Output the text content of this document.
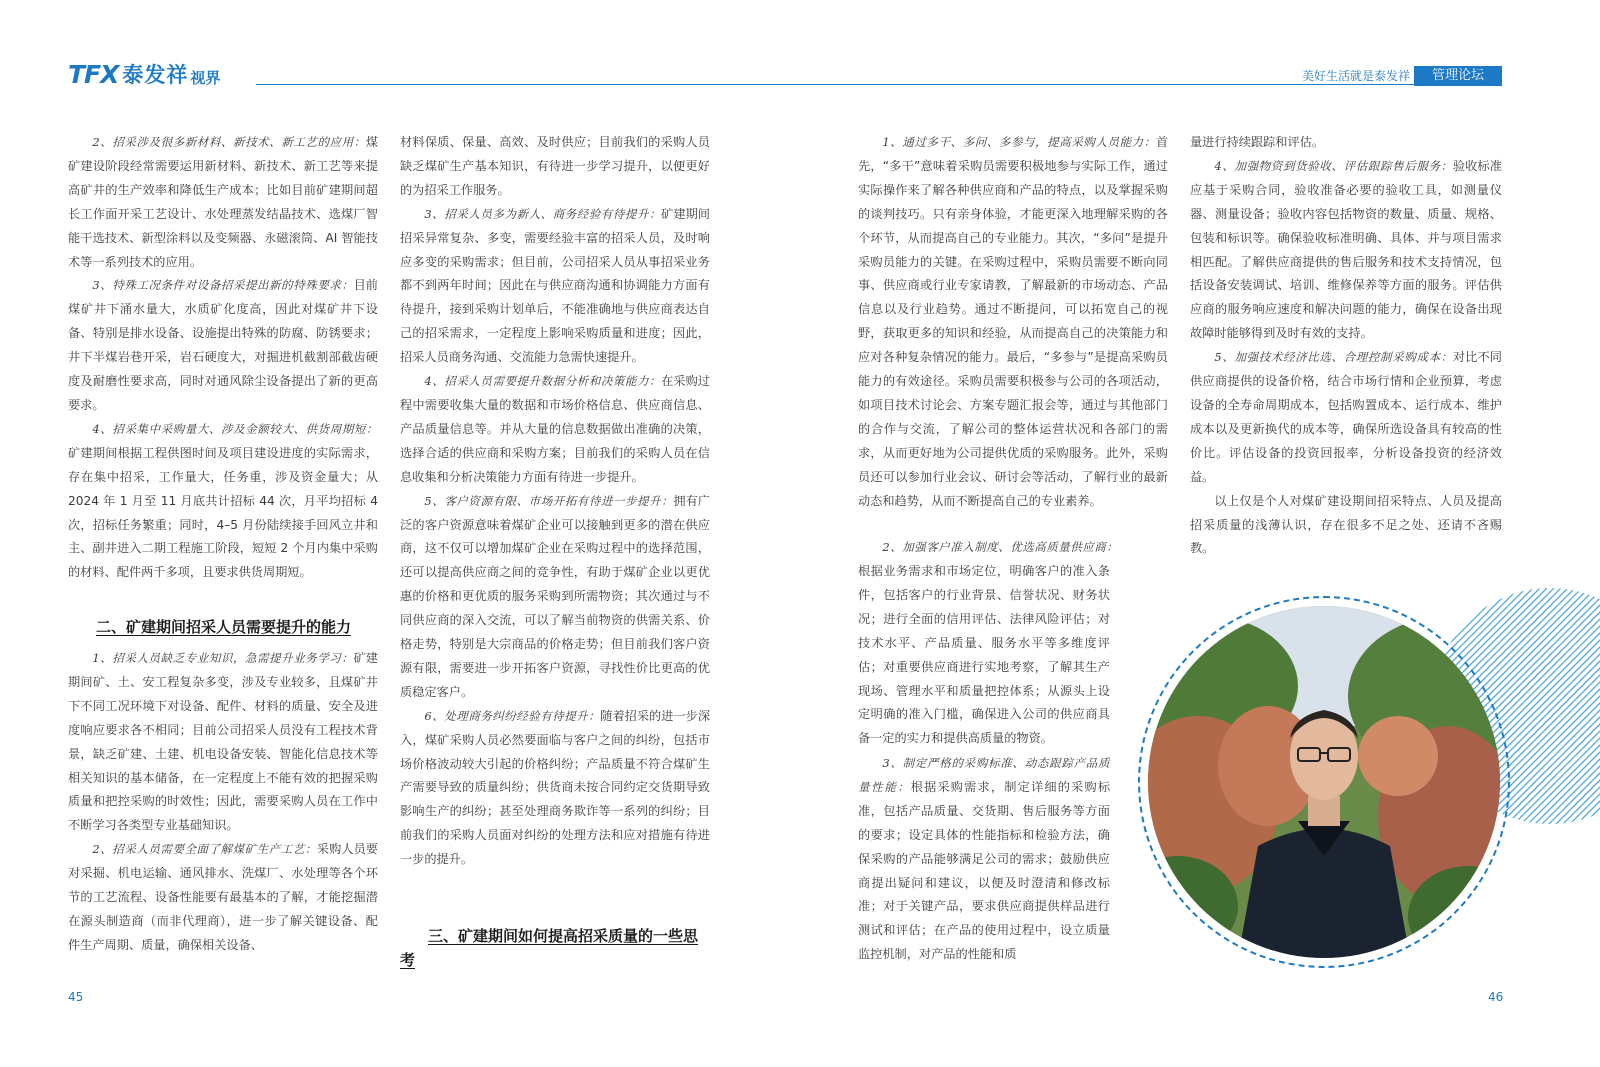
TFX 泰发祥 视界	美好生活就是泰发祥	管理论坛

2、招采涉及很多新材料、新技术、新工艺的应用：煤矿建设阶段经常需要运用新材料、新技术、新工艺等来提高矿井的生产效率和降低生产成本；比如目前矿建期间超长工作面开采工艺设计、水处理蒸发结晶技术、选煤厂智能干选技术、新型涂料以及变频器、永磁滚筒、AI 智能技术等一系列技术的应用。

3、特殊工况条件对设备招采提出新的特殊要求：目前煤矿井下涌水量大，水质矿化度高，因此对煤矿井下设备、特别是排水设备、设施提出特殊的防腐、防锈要求；井下半煤岩巷开采，岩石硬度大，对掘进机截割部截齿硬度及耐磨性要求高，同时对通风除尘设备提出了新的更高要求。

4、招采集中采购量大、涉及金额较大、供货周期短：矿建期间根据工程供图时间及项目建设进度的实际需求，存在集中招采，工作量大，任务重，涉及资金量大；从 2024 年 1 月至 11 月底共计招标 44 次，月平均招标 4 次，招标任务繁重；同时，4–5 月份陆续接手回风立井和主、副井进入二期工程施工阶段，短短 2 个月内集中采购的材料、配件两千多项，且要求供货周期短。

二、矿建期间招采人员需要提升的能力

1、招采人员缺乏专业知识，急需提升业务学习：矿建期间矿、土、安工程复杂多变，涉及专业较多，且煤矿井下不同工况环境下对设备、配件、材料的质量、安全及进度响应要求各不相同；目前公司招采人员没有工程技术背景，缺乏矿建、土建、机电设备安装、智能化信息技术等相关知识的基本储备，在一定程度上不能有效的把握采购质量和把控采购的时效性；因此，需要采购人员在工作中不断学习各类型专业基础知识。

2、招采人员需要全面了解煤矿生产工艺：采购人员要对采掘、机电运输、通风排水、洗煤厂、水处理等各个环节的工艺流程、设备性能要有最基本的了解，才能挖掘潜在源头制造商（而非代理商），进一步了解关键设备、配件生产周期、质量，确保相关设备、

材料保质、保量、高效、及时供应；目前我们的采购人员缺乏煤矿生产基本知识，有待进一步学习提升，以便更好的为招采工作服务。

3、招采人员多为新人、商务经验有待提升：矿建期间招采异常复杂、多变，需要经验丰富的招采人员，及时响应多变的采购需求；但目前，公司招采人员从事招采业务都不到两年时间；因此在与供应商沟通和协调能力方面有待提升，接到采购计划单后，不能准确地与供应商表达自己的招采需求，一定程度上影响采购质量和进度；因此，招采人员商务沟通、交流能力急需快速提升。

4、招采人员需要提升数据分析和决策能力：在采购过程中需要收集大量的数据和市场价格信息、供应商信息、产品质量信息等。并从大量的信息数据做出准确的决策，选择合适的供应商和采购方案；目前我们的采购人员在信息收集和分析决策能力方面有待进一步提升。

5、客户资源有限、市场开拓有待进一步提升：拥有广泛的客户资源意味着煤矿企业可以接触到更多的潜在供应商，这不仅可以增加煤矿企业在采购过程中的选择范围，还可以提高供应商之间的竞争性，有助于煤矿企业以更优惠的价格和更优质的服务采购到所需物资；其次通过与不同供应商的深入交流，可以了解当前物资的供需关系、价格走势，特别是大宗商品的价格走势；但目前我们客户资源有限，需要进一步开拓客户资源，寻找性价比更高的优质稳定客户。

6、处理商务纠纷经验有待提升：随着招采的进一步深入，煤矿采购人员必然要面临与客户之间的纠纷，包括市场价格波动较大引起的价格纠纷；产品质量不符合煤矿生产需要导致的质量纠纷；供货商未按合同约定交货期导致影响生产的纠纷；甚至处理商务欺诈等一系列的纠纷；目前我们的采购人员面对纠纷的处理方法和应对措施有待进一步的提升。

三、矿建期间如何提高招采质量的一些思考

1、通过多干、多问、多参与，提高采购人员能力：首先，“多干”意味着采购员需要积极地参与实际工作，通过实际操作来了解各种供应商和产品的特点，以及掌握采购的谈判技巧。只有亲身体验，才能更深入地理解采购的各个环节，从而提高自己的专业能力。其次，“多问”是提升采购员能力的关键。在采购过程中，采购员需要不断向同事、供应商或行业专家请教，了解最新的市场动态、产品信息以及行业趋势。通过不断提问，可以拓宽自己的视野，获取更多的知识和经验，从而提高自己的决策能力和应对各种复杂情况的能力。最后，“多参与”是提高采购员能力的有效途径。采购员需要积极参与公司的各项活动，如项目技术讨论会、方案专题汇报会等，通过与其他部门的合作与交流，了解公司的整体运营状况和各部门的需求，从而更好地为公司提供优质的采购服务。此外，采购员还可以参加行业会议、研讨会等活动，了解行业的最新动态和趋势，从而不断提高自己的专业素养。

2、加强客户准入制度、优选高质量供应商：

根据业务需求和市场定位，明确客户的准入条件，包括客户的行业背景、信誉状况、财务状况；进行全面的信用评估、法律风险评估；对技术水平、产品质量、服务水平等多维度评估；对重要供应商进行实地考察，了解其生产现场、管理水平和质量把控体系；从源头上设定明确的准入门槛，确保进入公司的供应商具备一定的实力和提供高质量的物资。

3、制定严格的采购标准、动态跟踪产品质量性能：根据采购需求，制定详细的采购标准，包括产品质量、交货期、售后服务等方面的要求；设定具体的性能指标和检验方法，确保采购的产品能够满足公司的需求；鼓励供应商提出疑问和建议，以便及时澄清和修改标准；对于关键产品，要求供应商提供样品进行测试和评估；在产品的使用过程中，设立质量监控机制，对产品的性能和质

量进行持续跟踪和评估。

4、加强物资到货验收、评估跟踪售后服务：验收标准应基于采购合同，验收准备必要的验收工具，如测量仪器、测量设备；验收内容包括物资的数量、质量、规格、包装和标识等。确保验收标准明确、具体、并与项目需求相匹配。了解供应商提供的售后服务和技术支持情况，包括设备安装调试、培训、维修保养等方面的服务。评估供应商的服务响应速度和解决问题的能力，确保在设备出现故障时能够得到及时有效的支持。

5、加强技术经济比选、合理控制采购成本：对比不同供应商提供的设备价格，结合市场行情和企业预算，考虑设备的全寿命周期成本，包括购置成本、运行成本、维护成本以及更新换代的成本等，确保所选设备具有较高的性价比。评估设备的投资回报率，分析设备投资的经济效益。

以上仅是个人对煤矿建设期间招采特点、人员及提高招采质量的浅薄认识，存在很多不足之处、还请不吝赐教。

45	46
